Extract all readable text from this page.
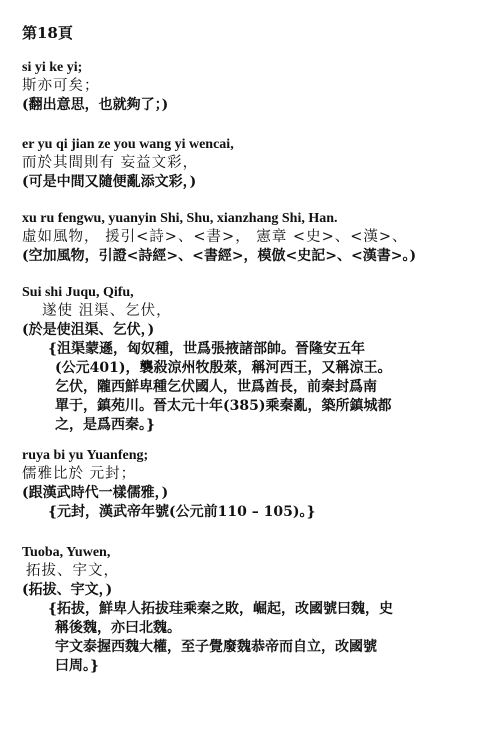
第18頁
si yi ke yi;
斯亦可矣；
(翻出意思，也就夠了；)
er yu qi jian ze you wang yi wencai,
而於其間則有 妄益文彩，
(可是中間又隨便亂添文彩，)
xu ru fengwu, yuanyin Shi, Shu, xianzhang Shi, Han.
虛如風物， 援引<詩>、<書>， 憲章 <史>、<漢>、
(空加風物，引證<詩經>、<書經>，模倣<史記>、<漢書>。)
Sui shi Juqu, Qifu,
遂使 沮渠、乞伏，
(於是使沮渠、乞伏，)
{沮渠蒙遜，匈奴種，世爲張掖諸部帥。晉隆安五年
(公元401)，襲殺涼州牧殷萊，稱河西王，又稱涼王。
乞伏，隴西鮮卑種乞伏國人，世爲酋長，前秦封爲南
單于，鎮苑川。晉太元十年(385)乘秦亂，築所鎮城都
之，是爲西秦。}
ruya bi yu Yuanfeng;
儒雅比於 元封；
(跟漢武時代一樣儒雅，)
{元封，漢武帝年號(公元前110 – 105)。}
Tuoba, Yuwen,
拓拔、宇文，
(拓拔、宇文，)
{拓拔，鮮卑人拓拔珪乘秦之敗，崛起，改國號曰魏，史
稱後魏，亦曰北魏。
宇文泰握西魏大權，至子覺廢魏恭帝而自立，改國號
曰周。}
